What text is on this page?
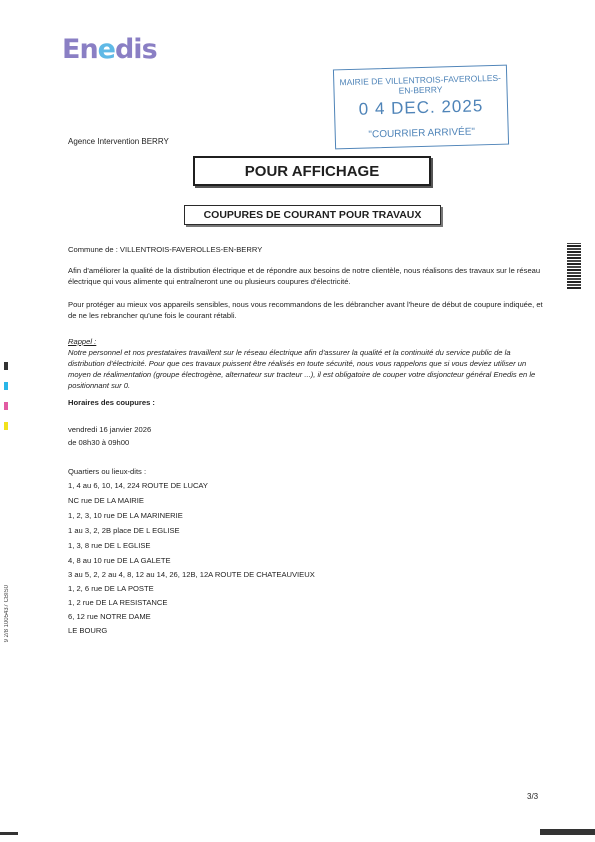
Enedis
MAIRIE DE VILLENTROIS-FAVEROLLES-EN-BERRY
0 4 DEC. 2025
"COURRIER ARRIVÉE"
Agence Intervention BERRY
POUR AFFICHAGE
COUPURES DE COURANT POUR TRAVAUX
Commune de : VILLENTROIS-FAVEROLLES-EN-BERRY
Afin d'améliorer la qualité de la distribution électrique et de répondre aux besoins de notre clientèle, nous réalisons des travaux sur le réseau électrique qui vous alimente qui entraîneront une ou plusieurs coupures d'électricité.
Pour protéger au mieux vos appareils sensibles, nous vous recommandons de les débrancher avant l'heure de début de coupure indiquée, et de ne les rebrancher qu'une fois le courant rétabli.
Rappel :
Notre personnel et nos prestataires travaillent sur le réseau électrique afin d'assurer la qualité et la continuité du service public de la distribution d'électricité. Pour que ces travaux puissent être réalisés en toute sécurité, nous vous rappelons que si vous deviez utiliser un moyen de réalimentation (groupe électrogène, alternateur sur tracteur ...), il est obligatoire de couper votre disjoncteur général Enedis en le positionnant sur 0.
Horaires des coupures :
vendredi 16 janvier 2026
de 08h30 à 09h00
Quartiers ou lieux-dits :
1, 4 au 6, 10, 14, 224 ROUTE DE LUCAY
NC rue DE LA MAIRIE
1, 2, 3, 10 rue DE LA MARINERIE
1 au 3, 2, 2B place DE L EGLISE
1, 3, 8 rue DE L EGLISE
4, 8 au 10 rue DE LA GALETE
3 au 5, 2, 2 au 4, 8, 12 au 14, 26, 12B, 12A ROUTE DE CHATEAUVIEUX
1, 2, 6 rue DE LA POSTE
1, 2 rue DE LA RESISTANCE
6, 12 rue NOTRE DAME
LE BOURG
9 2/8 1005437 CBIS0
3/3
